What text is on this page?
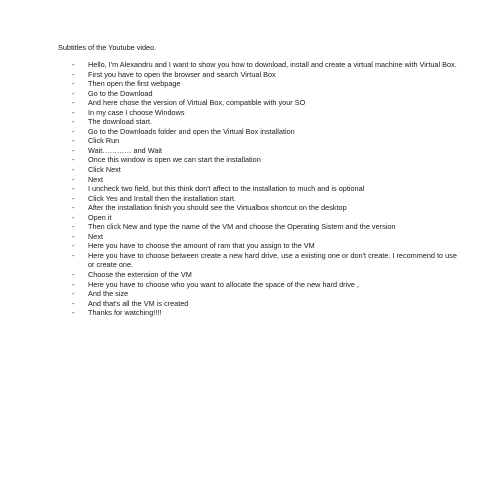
Subtitles of the Youtube video.
- Hello, I'm Alexandru and I want to show you how to download, install and create a virtual machine with Virtual Box.
- First you have to open the browser and search Virtual Box
- Then open the first webpage
- Go to the Download
- And here chose the version of Virtual Box, compatible with your SO
- In my case I choose Windows
- The download start.
- Go to the Downloads folder and open the Virtual Box installation
- Click Run
- Wait………… and Wait
- Once this window is open we can start the installation
- Click Next
- Next
- I uncheck two field, but this think don't affect to the installation to much and is optional
- Click Yes and Install then the installation start.
- After the installation finish you should see the Virtualbox shortcut on the desktop
- Open it
- Then click New and type the name of the VM and choose the Operating Sistem and the version
- Next
- Here you have to choose the amount of ram that you assign to the VM
- Here you have to choose between create a new hard drive, use a existing one or don't create. I recommend to use or create one.
- Choose the extension of the VM
- Here you have to choose who you want to allocate the space of the new hard drive ,
- And the size
- And that's all the VM is created
- Thanks for watching!!!!
